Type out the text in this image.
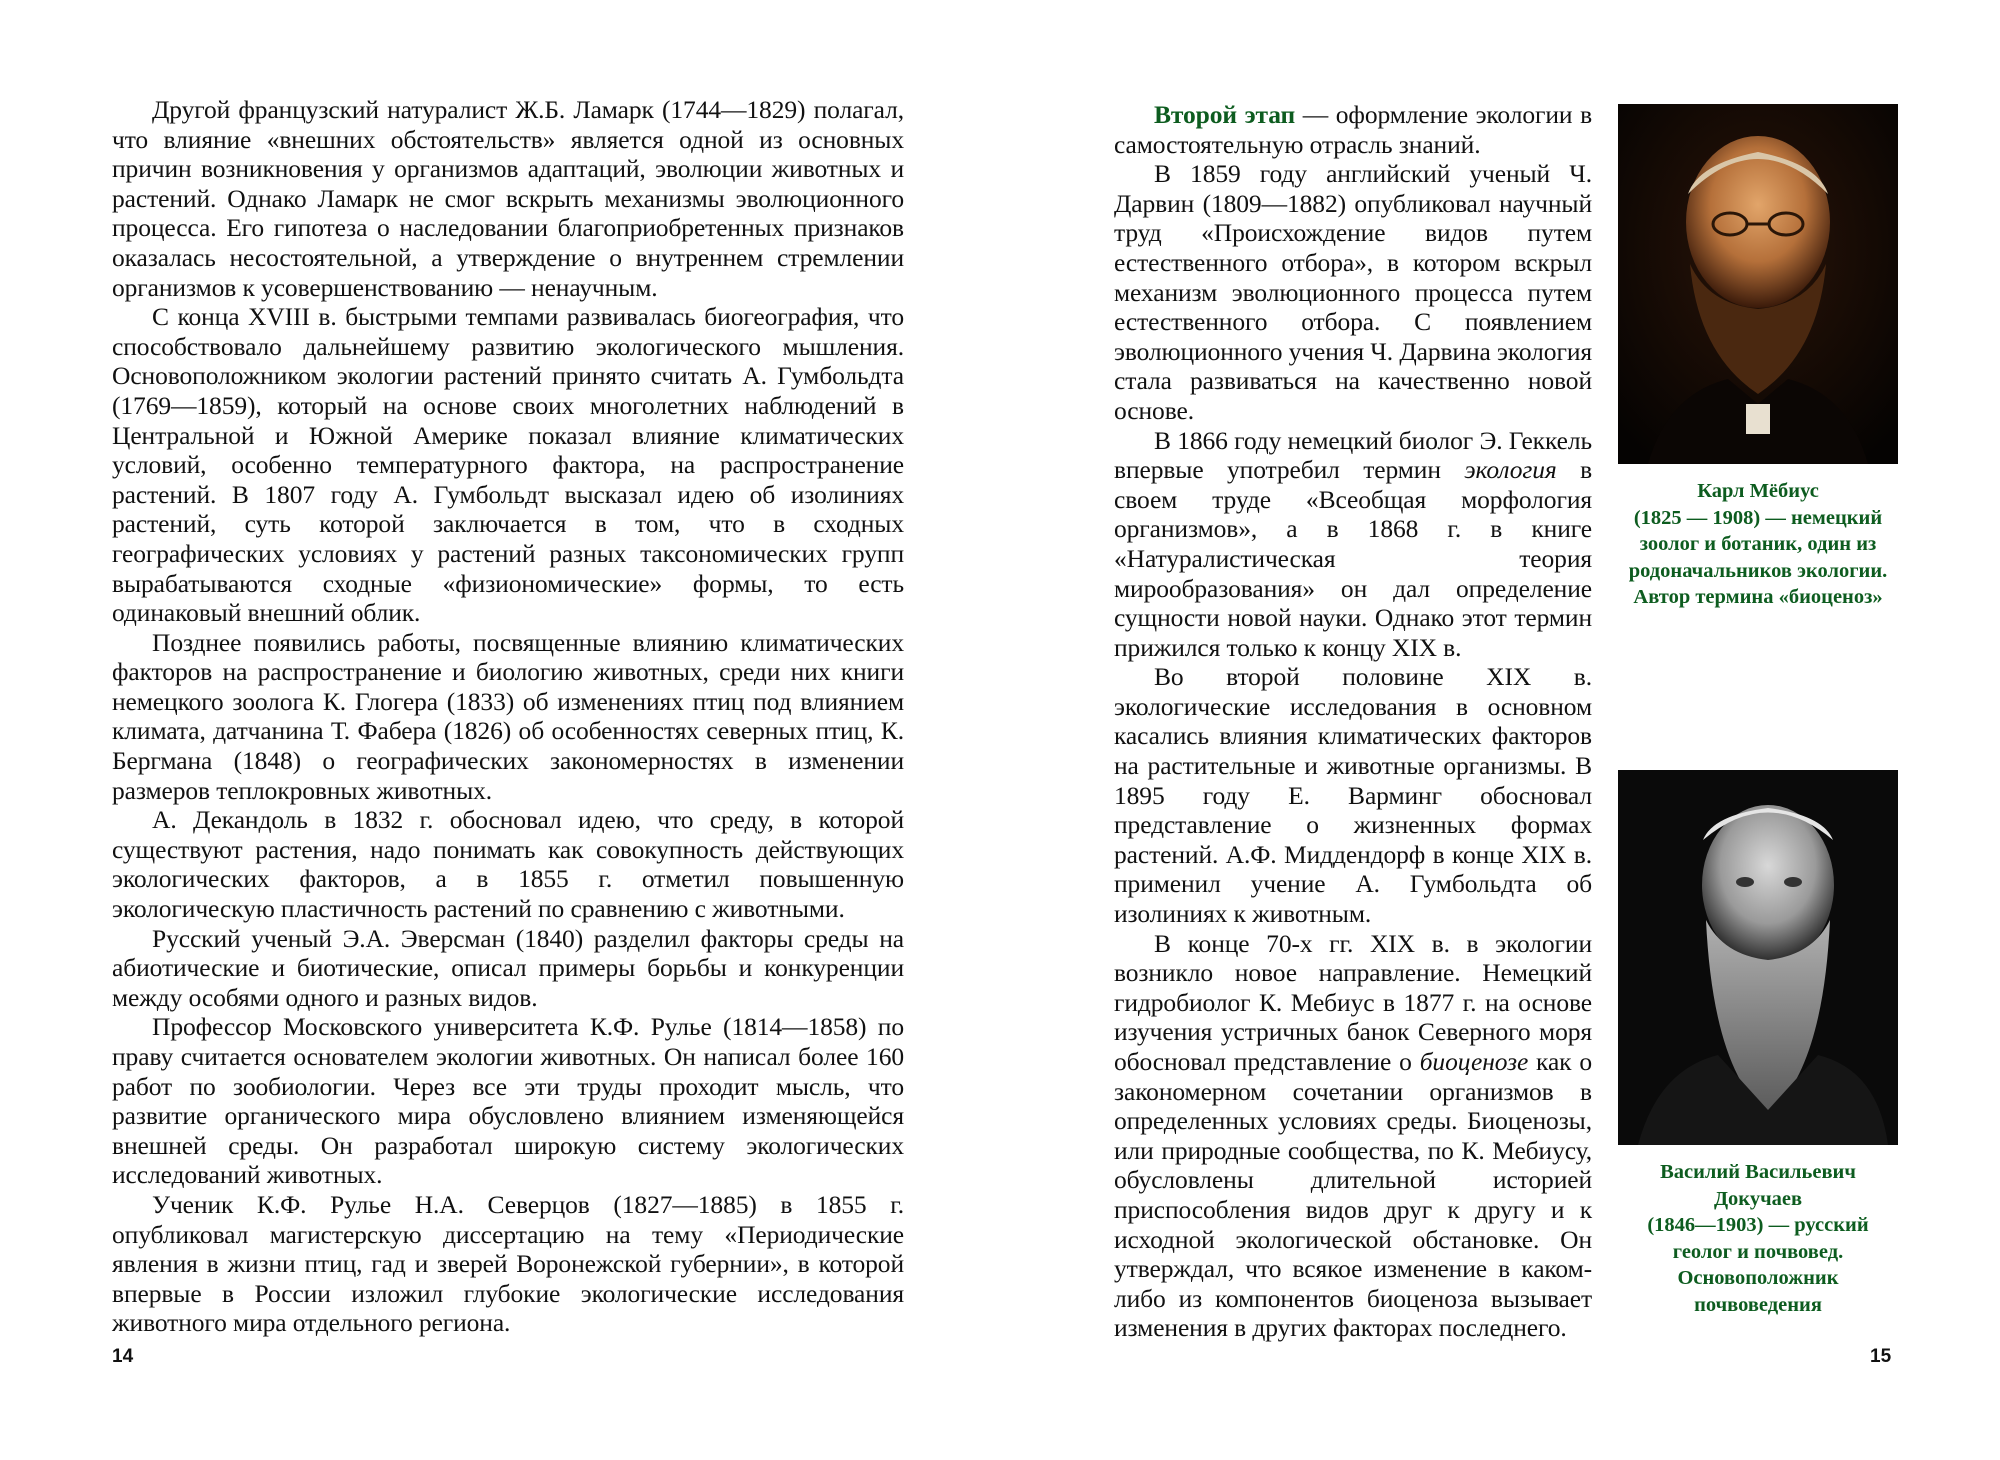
Другой французский натуралист Ж.Б. Ламарк (1744—1829) полагал, что влияние «внешних обстоятельств» является одной из основных причин возникновения у организмов адаптаций, эволюции животных и растений. Однако Ламарк не смог вскрыть механизмы эволюционного процесса. Его гипотеза о наследовании благоприобретенных признаков оказалась несостоятельной, а утверждение о внутреннем стремлении организмов к усовершенствованию — ненаучным.

С конца XVIII в. быстрыми темпами развивалась биогеография, что способствовало дальнейшему развитию экологического мышления. Основоположником экологии растений принято считать А. Гумбольдта (1769—1859), который на основе своих многолетних наблюдений в Центральной и Южной Америке показал влияние климатических условий, особенно температурного фактора, на распространение растений. В 1807 году А. Гумбольдт высказал идею об изолиниях растений, суть которой заключается в том, что в сходных географических условиях у растений разных таксономических групп вырабатываются сходные «физиономические» формы, то есть одинаковый внешний облик.

Позднее появились работы, посвященные влиянию климатических факторов на распространение и биологию животных, среди них книги немецкого зоолога К. Глогера (1833) об изменениях птиц под влиянием климата, датчанина Т. Фабера (1826) об особенностях северных птиц, К. Бергмана (1848) о географических закономерностях в изменении размеров теплокровных животных.

А. Декандоль в 1832 г. обосновал идею, что среду, в которой существуют растения, надо понимать как совокупность действующих экологических факторов, а в 1855 г. отметил повышенную экологическую пластичность растений по сравнению с животными.

Русский ученый Э.А. Эверсман (1840) разделил факторы среды на абиотические и биотические, описал примеры борьбы и конкуренции между особями одного и разных видов.

Профессор Московского университета К.Ф. Рулье (1814—1858) по праву считается основателем экологии животных. Он написал более 160 работ по зообиологии. Через все эти труды проходит мысль, что развитие органического мира обусловлено влиянием изменяющейся внешней среды. Он разработал широкую систему экологических исследований животных.

Ученик К.Ф. Рулье Н.А. Северцов (1827—1885) в 1855 г. опубликовал магистерскую диссертацию на тему «Периодические явления в жизни птиц, гад и зверей Воронежской губернии», в которой впервые в России изложил глубокие экологические исследования животного мира отдельного региона.

14

Второй этап — оформление экологии в самостоятельную отрасль знаний.

В 1859 году английский ученый Ч. Дарвин (1809—1882) опубликовал научный труд «Происхождение видов путем естественного отбора», в котором вскрыл механизм эволюционного процесса путем естественного отбора. С появлением эволюционного учения Ч. Дарвина экология стала развиваться на качественно новой основе.

В 1866 году немецкий биолог Э. Геккель впервые употребил термин экология в своем труде «Всеобщая морфология организмов», а в 1868 г. в книге «Натуралистическая теория мирообразования» он дал определение сущности новой науки. Однако этот термин прижился только к концу XIX в.

Во второй половине XIX в. экологические исследования в основном касались влияния климатических факторов на растительные и животные организмы. В 1895 году Е. Варминг обосновал представление о жизненных формах растений. А.Ф. Миддендорф в конце XIX в. применил учение А. Гумбольдта об изолиниях к животным.

В конце 70-х гг. XIX в. в экологии возникло новое направление. Немецкий гидробиолог К. Мебиус в 1877 г. на основе изучения устричных банок Северного моря обосновал представление о биоценозе как о закономерном сочетании организмов в определенных условиях среды. Биоценозы, или природные сообщества, по К. Мебиусу, обусловлены длительной историей приспособления видов друг к другу и к исходной экологической обстановке. Он утверждал, что всякое изменение в каком-либо из компонентов биоценоза вызывает изменения в других факторах последнего.

Карл Мёбиус
(1825 — 1908) — немецкий зоолог и ботаник, один из родоначальников экологии. Автор термина «биоценоз»
Василий Васильевич Докучаев
(1846—1903) — русский геолог и почвовед. Основоположник почвоведения
15
